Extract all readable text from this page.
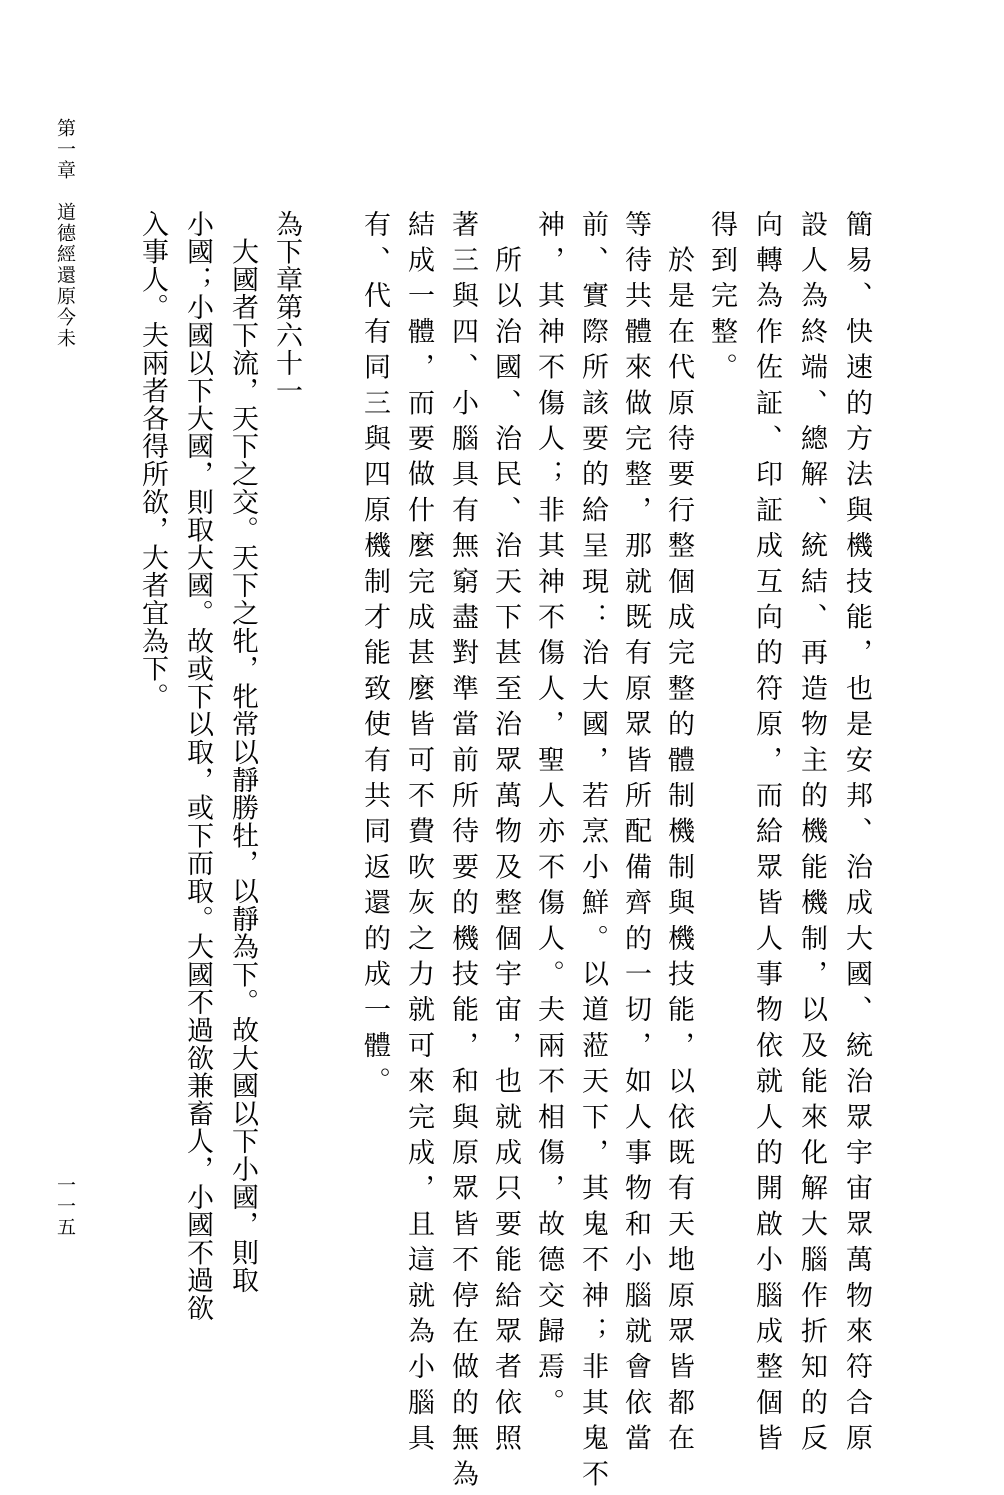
第一章　道德經還原今未
一一五	簡易、快速的方法與機技能，也是安邦、治成大國、統治眾宇宙眾萬物來符合原
設人為終端、總解、統結、再造物主的機能機制，以及能來化解大腦作折知的反
向轉為作佐証、印証成互向的符原，而給眾皆人事物依就人的開啟小腦成整個皆
得到完整。
　於是在代原待要行整個成完整的體制機制與機技能，以依既有天地原眾皆都在
等待共體來做完整，那就既有原眾皆所配備齊的一切，如人事物和小腦就會依當
前、實際所該要的給呈現：治大國，若烹小鮮。以道蒞天下，其鬼不神；非其鬼不
神，其神不傷人；非其神不傷人，聖人亦不傷人。夫兩不相傷，故德交歸焉。
　所以治國、治民、治天下甚至治眾萬物及整個宇宙，也就成只要能給眾者依照
著三與四、小腦具有無窮盡對準當前所待要的機技能，和與原眾皆不停在做的無為
結成一體，而要做什麼完成甚麼皆可不費吹灰之力就可來完成，且這就為小腦具
有、代有同三與四原機制才能致使有共同返還的成一體。
為下章第六十一
　大國者下流，天下之交。天下之牝，牝常以靜勝牡，以靜為下。故大國以下小國，則取
小國；小國以下大國，則取大國。故或下以取，或下而取。大國不過欲兼畜人，小國不過欲
入事人。夫兩者各得所欲，大者宜為下。
